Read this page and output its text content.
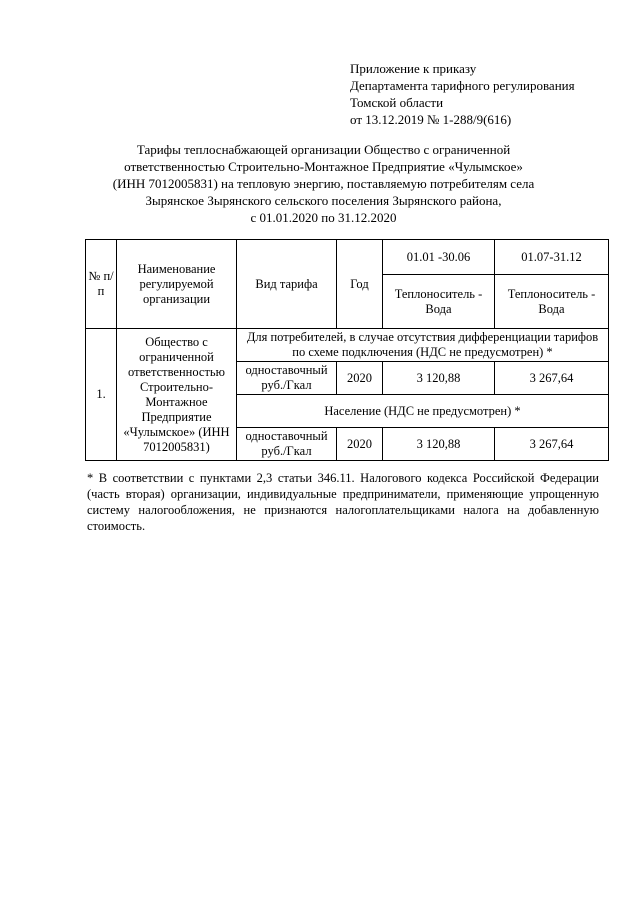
Приложение к приказу
Департамента тарифного регулирования
Томской области
от 13.12.2019 № 1-288/9(616)
Тарифы теплоснабжающей организации Общество с ограниченной
ответственностью Строительно-Монтажное Предприятие «Чулымское»
(ИНН 7012005831) на тепловую энергию, поставляемую потребителям села
Зырянское Зырянского сельского поселения Зырянского района,
с 01.01.2020 по 31.12.2020
№ п/п	Наименование регулируемой организации	Вид тарифа	Год	01.01 -30.06	01.07-31.12
				Теплоноситель - Вода	Теплоноситель - Вода
1.	Общество с ограниченной ответственностью Строительно-Монтажное Предприятие «Чулымское» (ИНН 7012005831)	Для потребителей, в случае отсутствия дифференциации тарифов по схеме подключения (НДС не предусмотрен) *			
		одноставочный руб./Гкал	2020	3 120,88	3 267,64
		Население (НДС не предусмотрен) *			
		одноставочный руб./Гкал	2020	3 120,88	3 267,64
* В соответствии с пунктами 2,3 статьи 346.11. Налогового кодекса Российской Федерации (часть вторая) организации, индивидуальные предприниматели, применяющие упрощенную систему налогообложения, не признаются налогоплательщиками налога на добавленную стоимость.
